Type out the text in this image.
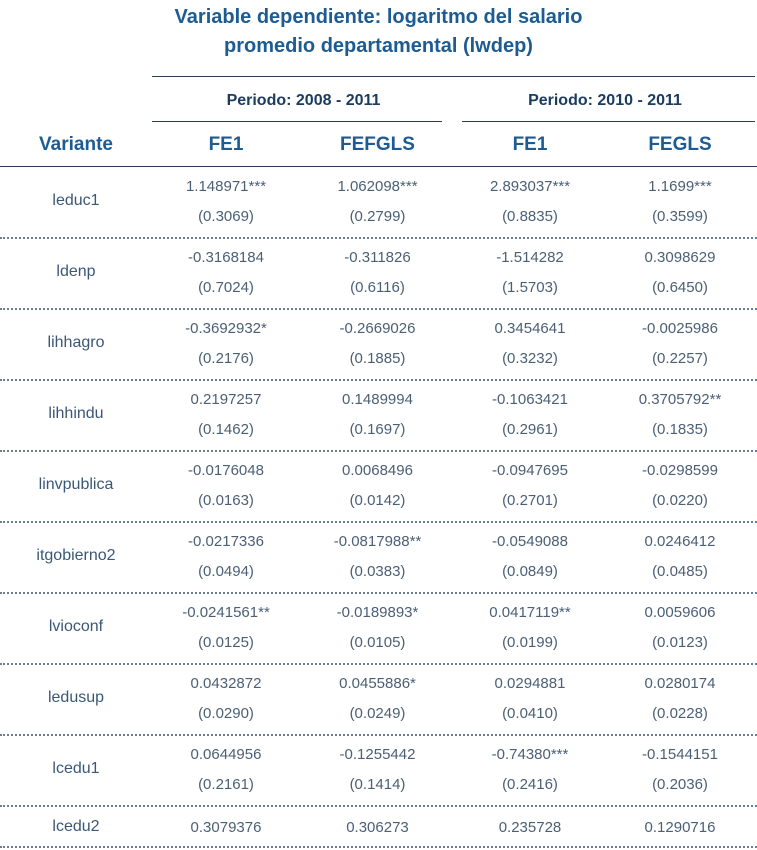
Variable dependiente: logaritmo del salario
promedio departamental (lwdep)
Periodo: 2008 - 2011	Periodo: 2010 - 2011
Variante	FE1	FEFGLS	FE1	FEGLS
leduc1
1.148971***	1.062098***	2.893037***	1.1699***
(0.3069)	(0.2799)	(0.8835)	(0.3599)
ldenp
-0.3168184	-0.311826	-1.514282	0.3098629
(0.7024)	(0.6116)	(1.5703)	(0.6450)
lihhagro
-0.3692932*	-0.2669026	0.3454641	-0.0025986
(0.2176)	(0.1885)	(0.3232)	(0.2257)
lihhindu
0.2197257	0.1489994	-0.1063421	0.3705792**
(0.1462)	(0.1697)	(0.2961)	(0.1835)
linvpublica
-0.0176048	0.0068496	-0.0947695	-0.0298599
(0.0163)	(0.0142)	(0.2701)	(0.0220)
itgobierno2
-0.0217336	-0.0817988**	-0.0549088	0.0246412
(0.0494)	(0.0383)	(0.0849)	(0.0485)
lvioconf
-0.0241561**	-0.0189893*	0.0417119**	0.0059606
(0.0125)	(0.0105)	(0.0199)	(0.0123)
ledusup
0.0432872	0.0455886*	0.0294881	0.0280174
(0.0290)	(0.0249)	(0.0410)	(0.0228)
lcedu1
0.0644956	-0.1255442	-0.74380***	-0.1544151
(0.2161)	(0.1414)	(0.2416)	(0.2036)
lcedu2	0.3079376	0.306273	0.235728	0.1290716
